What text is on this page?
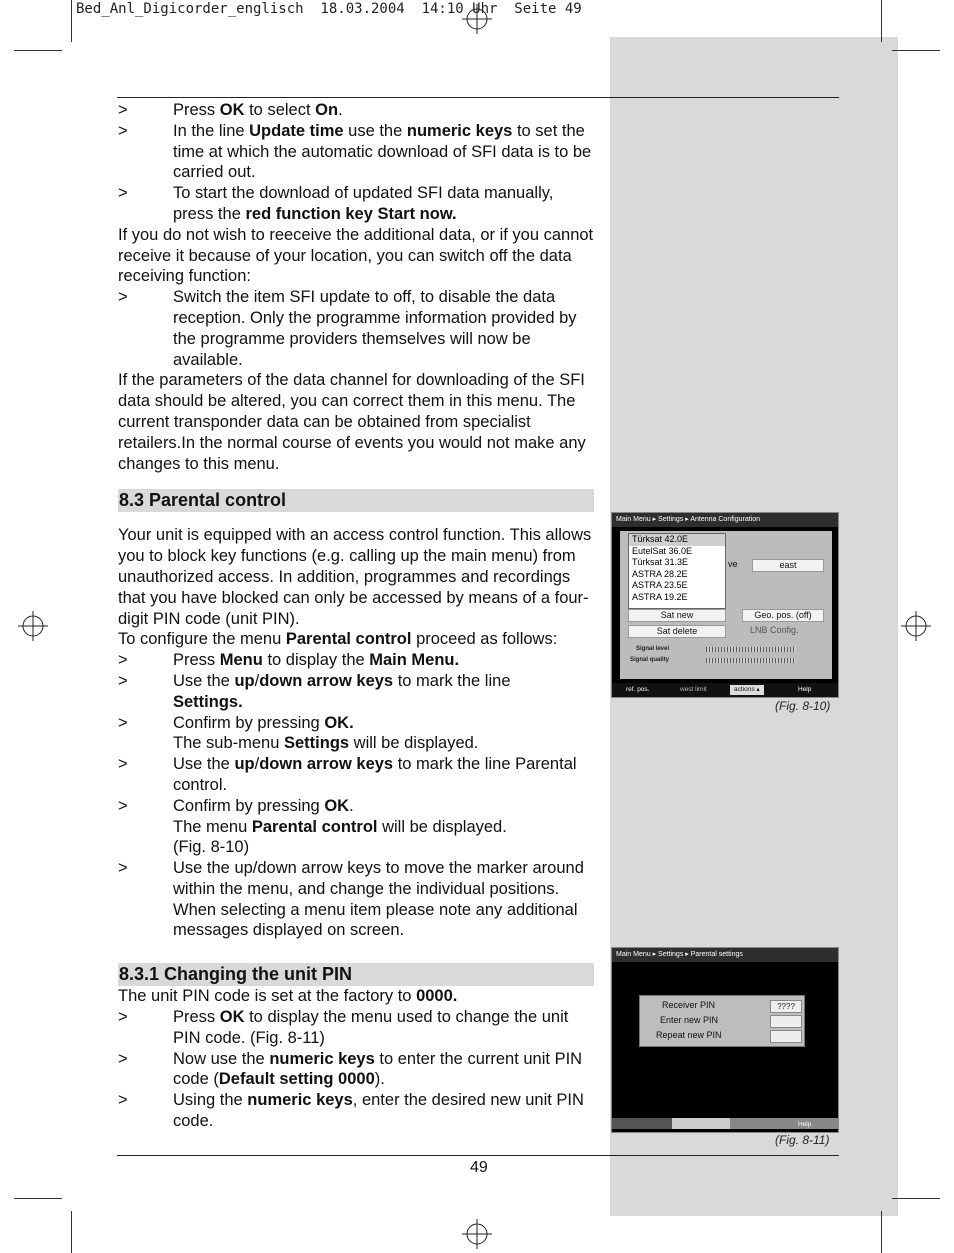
Bed_Anl_Digicorder_englisch  18.03.2004  14:10 Uhr  Seite 49
>	Press OK to select On.
>	In the line Update time use the numeric keys to set the time at which the automatic download of SFI data is to be carried out.
>	To start the download of updated SFI data manually, press the red function key Start now.

If you do not wish to reeceive the additional data, or if you cannot receive it because of your location, you can switch off the data receiving function:

>	Switch the item SFI update to off, to disable the data reception. Only the programme information provided by the programme providers themselves will now be available.

If the parameters of the data channel for downloading of the SFI data should be altered, you can correct them in this menu. The current transponder data can be obtained from specialist retailers.In the normal course of events you would not make any changes to this menu.

8.3 Parental control

Your unit is equipped with an access control function. This allows you to block key functions (e.g. calling up the main menu) from unauthorized access. In addition, programmes and recordings that you have blocked can only be accessed by means of a four-digit PIN code (unit PIN).

To configure the menu Parental control proceed as follows:

>	Press Menu to display the Main Menu.
>	Use the up/down arrow keys to mark the line
Settings.
>	Confirm by pressing OK.
The sub-menu Settings will be displayed.
>	Use the up/down arrow keys to mark the line Parental control.
>	Confirm by pressing OK.
The menu Parental control will be displayed.
(Fig. 8-10)
>	Use the up/down arrow keys to move the marker around within the menu, and change the individual positions. When selecting a menu item please note any additional messages displayed on screen.
8.3.1 Changing the unit PIN

The unit PIN code is set at the factory to 0000.

>	Press OK to display the menu used to change the unit PIN code. (Fig. 8-11)
>	Now use the numeric keys to enter the current unit PIN code (Default setting 0000).
>	Using the numeric keys, enter the desired new unit PIN code.
Main Menu ▸ Settings ▸ Antenna Configuration
Türksat 42.0E
EutelSat 36.0E
Türksat 31.3E
ASTRA 28.2E
ASTRA 23.5E
ASTRA 19.2E
ve	east
Sat new	Geo. pos. (off)
Sat delete	LNB Config.
Signal level
Signal quality
ref. pos.	west limit	actions ▴	Help
(Fig. 8-10)
Main Menu ▸ Settings ▸ Parental settings
Receiver PIN	????
Enter new PIN
Repeat new PIN
Help
(Fig. 8-11)
49
